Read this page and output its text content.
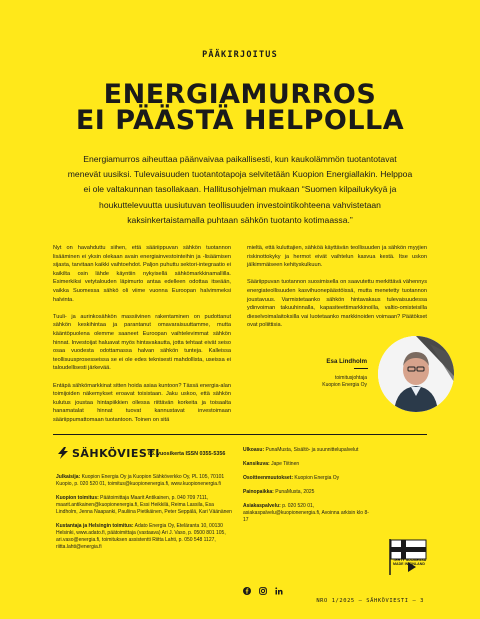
PÄÄKIRJOITUS
ENERGIAMURROS
EI PÄÄSTÄ HELPOLLA
Energiamurros aiheuttaa päänvaivaa paikallisesti, kun kaukolämmön tuotantotavat menevät uusiksi. Tulevaisuuden tuotantotapoja selvitetään Kuopion Energiallakin. Helppoa ei ole valtakunnan tasollakaan. Hallitusohjelman mukaan “Suomen kilpailukykyä ja houkuttelevuutta uusiutuvan teollisuuden investointikohteena vahvistetaan kaksinkertaistamalla puhtaan sähkön tuotanto kotimaassa.”

Nyt on havahduttu siihen, että sääriippuvan sähkön tuotannon lisääminen ei yksin olekaan avain energiainvestointeihin ja -lisäämisen sijasta, tarvitaan kaikki vaihtoehdot. Paljon puhuttu sektori-integraatio ei kaikilta osin lähde käyntiin nykyisellä sähkömarkkinamallilla. Esimerkiksi vetytalouden läpimurto antaa edelleen odottaa itseään, vaikka Suomessa sähkö oli viime vuonna Euroopan halvimmeksi halvinta.

Tuuli- ja aurinkosähkön massiivinen rakentaminen on pudottanut sähkön keskihintaa ja parantanut omavaraisuuttamme, mutta kääntöpuolena olemme saaneet Euroopan vaihtelevimmat sähkön hinnat. Investoijat haluavat myös hintavakautta, jotta tehtaat eivät seiso osaa vuodesta odottamassa halvan sähkön tunteja. Kalleissa teollisuusprosesseissa se ei ole edes teknisesti mahdollista, useissa ei taloudellisesti järkevää.

Entäpä sähkömarkkinat sitten hoida asiaa kuntoon? Tässä energia-alan toimijoiden näkemykset eroavat toisistaan. Jaku uskoo, että sähkön kulutus joustaa hintapiikkien ollessa riittävän korkeita ja toisaalta hanamatalat hinnat tuovat kannustavat investoimaan sääriippumattomaan tuotantoon. Toinen on sitä

mieltä, että kuluttajien, sähköä käyttävän teollisuuden ja sähkön myyjien riskinottokyky ja hermot eivät vaihtelun kasvua kestä. Itse uskon jälkimmäiseen kehityskulkuun.

Sääriippuvan tuotannon suosimisella on saavutettu merkittävä vähennys energiateollisuuden kasvihuonepäästöissä, mutta menetetty tuotannon joustavuus. Varmistetaanko sähkön hintavakaus tulevaisuudessa ydinvoiman takuuhinnalla, kapasiteettimarkkinoilla, valtio-omisteisilla dieselvoimalaitoksilla vai luotetaanko markkinoiden voimaan? Päätökset ovat poliittisia.

Esa Lindholm
toimitusjohtaja
Kuopion Energia Oy
SÄHKÖVIESTI
86. vuosikerta ISSN 0355-5356

Julkaisija: Kuopion Energia Oy ja Kuopion Sähköverkko Oy, PL 105, 70101 Kuopio, p. 020 520 01, toimitus@kuopionenergia.fi, www.kuopionenergia.fi

Kuopion toimitus: Päätoimittaja Maarit Antikainen, p. 040 709 7111, maarit.antikainen@kuopionenergia.fi, Essi Heikkilä, Reima Lassila, Esa Lindholm, Jenna Naapanki, Pauliina Pietikäinen, Peter Seppälä, Kari Väänänen

Kustantaja ja Helsingin toimitus: Adato Energia Oy, Eteläranta 10, 00130 Helsinki, www.adato.fi, päätoimittaja (vastaava) Ari J. Vaso, p. 0500 801 105, ari.vaso@energia.fi, toimituksen assistentti Riitta Lahti, p. 050 548 1127, riitta.lahti@energia.fi

Ulkoasu: PunaMusta, Sisältö- ja suunnittelupalvelut

Kansikuva: Jape Tiitinen

Osoitteenmuutokset: Kuopion Energia Oy

Painopaikka: PunaMusta, 2025

Asiakaspalvelu: p. 020 520 01, asiakaspalvelu@kuopionenergia.fi, Avoinna arkisin klo 8-17

TEHTY SUOMESSA MADE IN FINLAND
NRO 1/2025 — SÄHKÖVIESTI — 3
